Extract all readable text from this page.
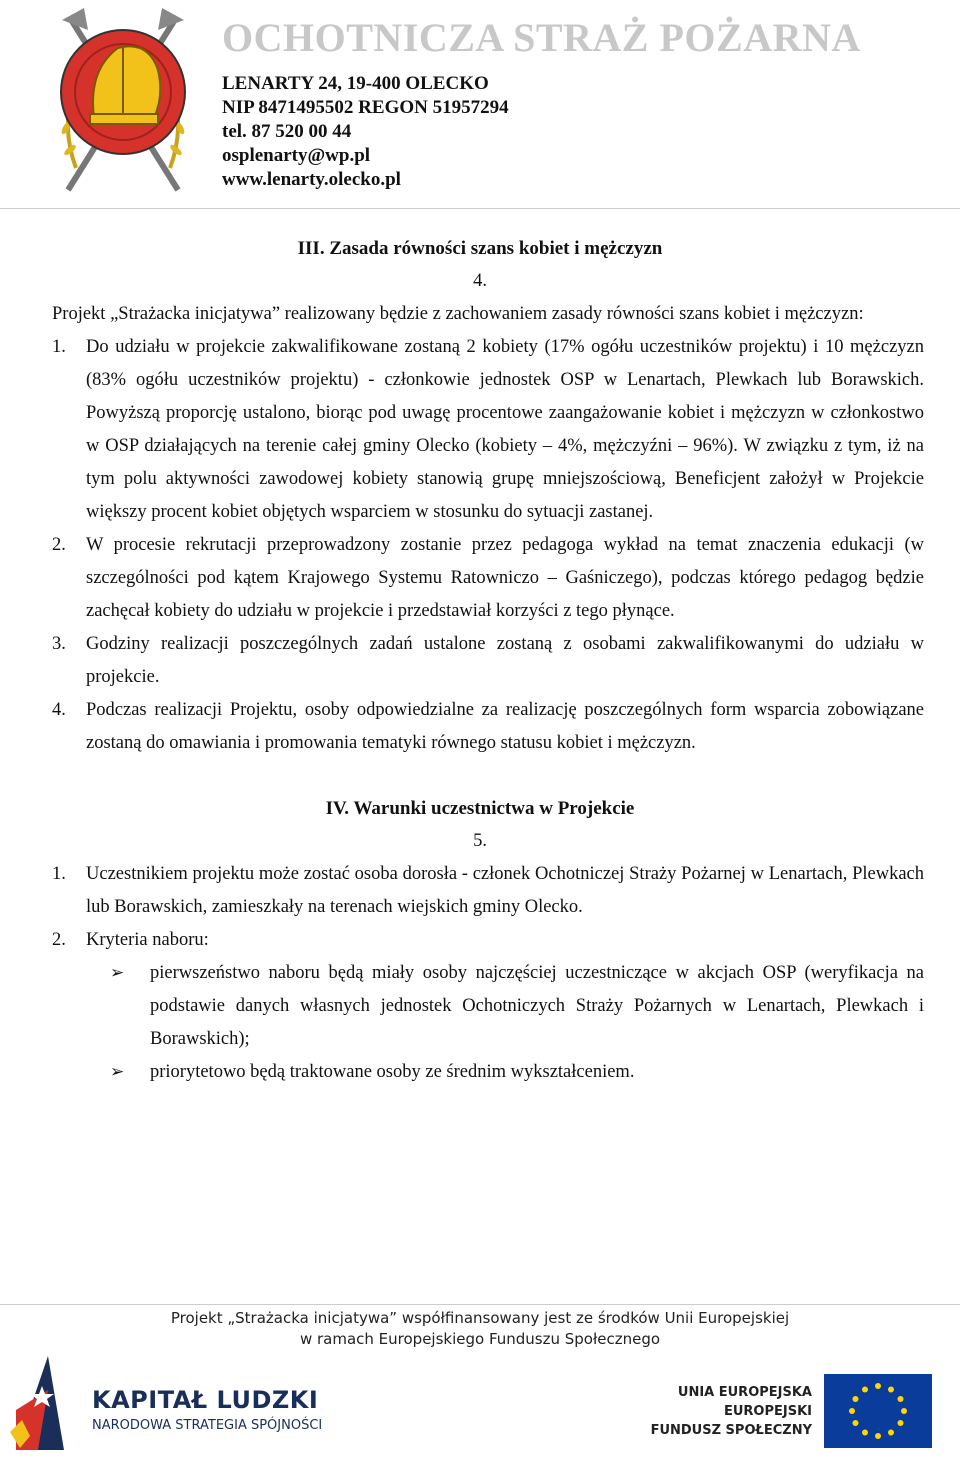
OCHOTNICZA STRAŻ POŻARNA
LENARTY 24, 19-400 OLECKO
NIP 8471495502 REGON 51957294
tel. 87 520 00 44
osplenarty@wp.pl
www.lenarty.olecko.pl
III. Zasada równości szans kobiet i mężczyzn
4.
Projekt „Strażacka inicjatywa” realizowany będzie z zachowaniem zasady równości szans kobiet i mężczyzn:
1. Do udziału w projekcie zakwalifikowane zostaną 2 kobiety (17% ogółu uczestników projektu) i 10 mężczyzn (83% ogółu uczestników projektu) - członkowie jednostek OSP w Lenartach, Plewkach lub Borawskich. Powyższą proporcję ustalono, biorąc pod uwagę procentowe zaangażowanie kobiet i mężczyzn w członkostwo w OSP działających na terenie całej gminy Olecko (kobiety – 4%, mężczyźni – 96%). W związku z tym, iż na tym polu aktywności zawodowej kobiety stanowią grupę mniejszościową, Beneficjent założył w Projekcie większy procent kobiet objętych wsparciem w stosunku do sytuacji zastanej.
2. W procesie rekrutacji przeprowadzony zostanie przez pedagoga wykład na temat znaczenia edukacji (w szczególności pod kątem Krajowego Systemu Ratowniczo – Gaśniczego), podczas którego pedagog będzie zachęcał kobiety do udziału w projekcie i przedstawiał korzyści z tego płynące.
3. Godziny realizacji poszczególnych zadań ustalone zostaną z osobami zakwalifikowanymi do udziału w projekcie.
4. Podczas realizacji Projektu, osoby odpowiedzialne za realizację poszczególnych form wsparcia zobowiązane zostaną do omawiania i promowania tematyki równego statusu kobiet i mężczyzn.
IV. Warunki uczestnictwa w Projekcie
5.
1. Uczestnikiem projektu może zostać osoba dorosła - członek Ochotniczej Straży Pożarnej w Lenartach, Plewkach lub Borawskich, zamieszkały na terenach wiejskich gminy Olecko.
2. Kryteria naboru:
➢ pierwszeństwo naboru będą miały osoby najczęściej uczestniczące w akcjach OSP (weryfikacja na podstawie danych własnych jednostek Ochotniczych Straży Pożarnych w Lenartach, Plewkach i Borawskich);
➢ priorytetowo będą traktowane osoby ze średnim wykształceniem.
Projekt „Strażacka inicjatywa” współfinansowany jest ze środków Unii Europejskiej
w ramach Europejskiego Funduszu Społecznego
KAPITAŁ LUDZKI
NARODOWA STRATEGIA SPÓJNOŚCI
UNIA EUROPEJSKA
EUROPEJSKI
FUNDUSZ SPOŁECZNY
